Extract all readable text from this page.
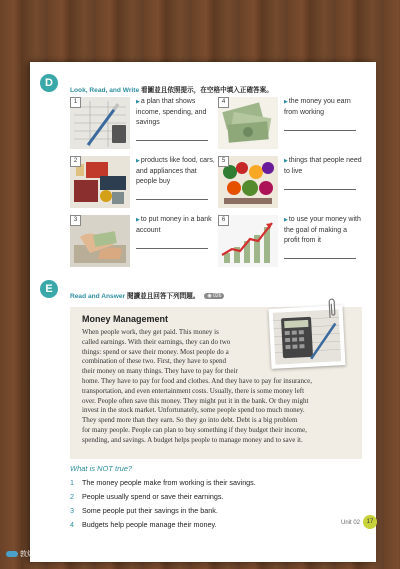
D
Look, Read, and Write 看圖並且依照提示，在空格中填入正確答案。
1	▶a plan that shows income, spending, and savings
4	▶the money you earn from working
2	▶products like food, cars, and appliances that people buy
5	▶things that people need to live
3	▶to put money in a bank account
6	▶to use your money with the goal of making a profit from it
E
Read and Answer 閱讀並且回答下列問題。 ◉ 026
Money Management
When people work, they get paid. This money is
called earnings. With their earnings, they can do two
things: spend or save their money. Most people do a
combination of these two. First, they have to spend
their money on many things. They have to pay for their
home. They have to pay for food and clothes. And they have to pay for insurance,
transportation, and even entertainment costs. Usually, there is some money left
over. People often save this money. They might put it in the bank. Or they might
invest in the stock market. Unfortunately, some people spend too much money.
They spend more than they earn. So they go into debt. Debt is a big problem
for many people. People can plan to buy something if they budget their income,
spending, and savings. A budget helps people to manage money and to save it.
What is NOT true?
1 The money people make from working is their savings.
2 People usually spend or save their earnings.
3 Some people put their savings in the bank.
4 Budgets help people manage their money.	Unit 02	17
敦煌文化，版權所有
